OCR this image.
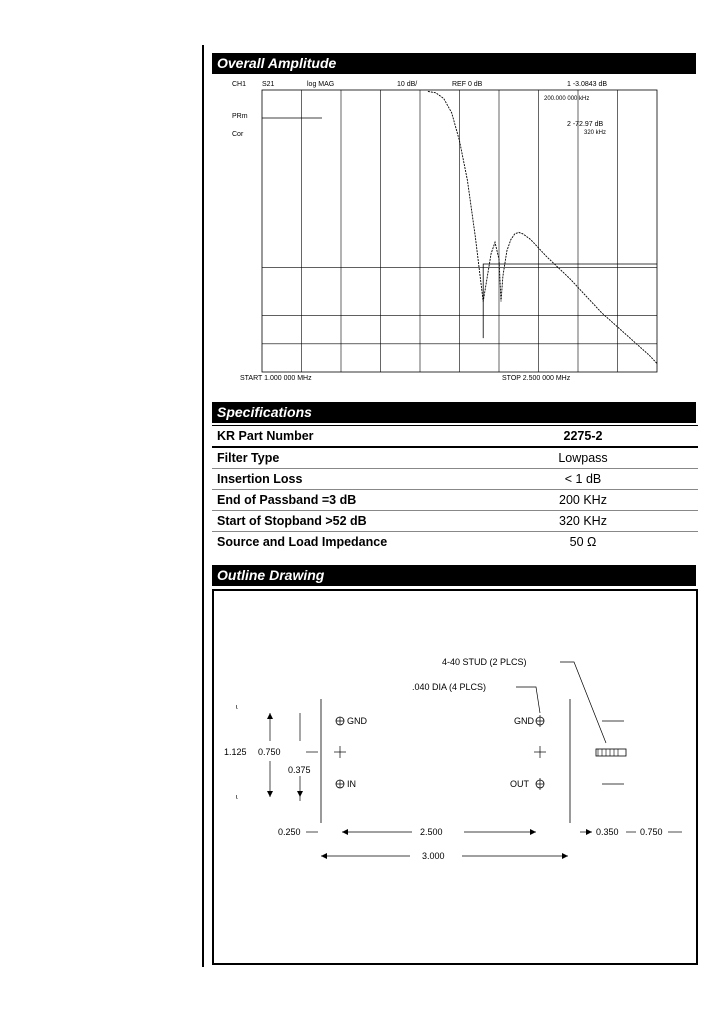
Overall Amplitude
CH1 S21	log MAG	10 dB/	REF 0 dB	1 -3.0843 dB
200.000 000 kHz
2 -72.97 dB
320 kHz
PRm
Cor
START 1.000 000 MHz	STOP 2.500 000 MHz
Specifications
KR Part Number	2275-2
Filter Type	Lowpass
Insertion Loss	< 1 dB
End of Passband =3 dB	200 KHz
Start of Stopband >52 dB	320 KHz
Source and Load Impedance	50 Ω
Outline Drawing
4-40 STUD (2 PLCS)
.040 DIA (4 PLCS)
GND
IN
GND
OUT
ɩ
ɩ
1.125 0.750
0.375
0.250	2.500
3.000
0.350 0.750
